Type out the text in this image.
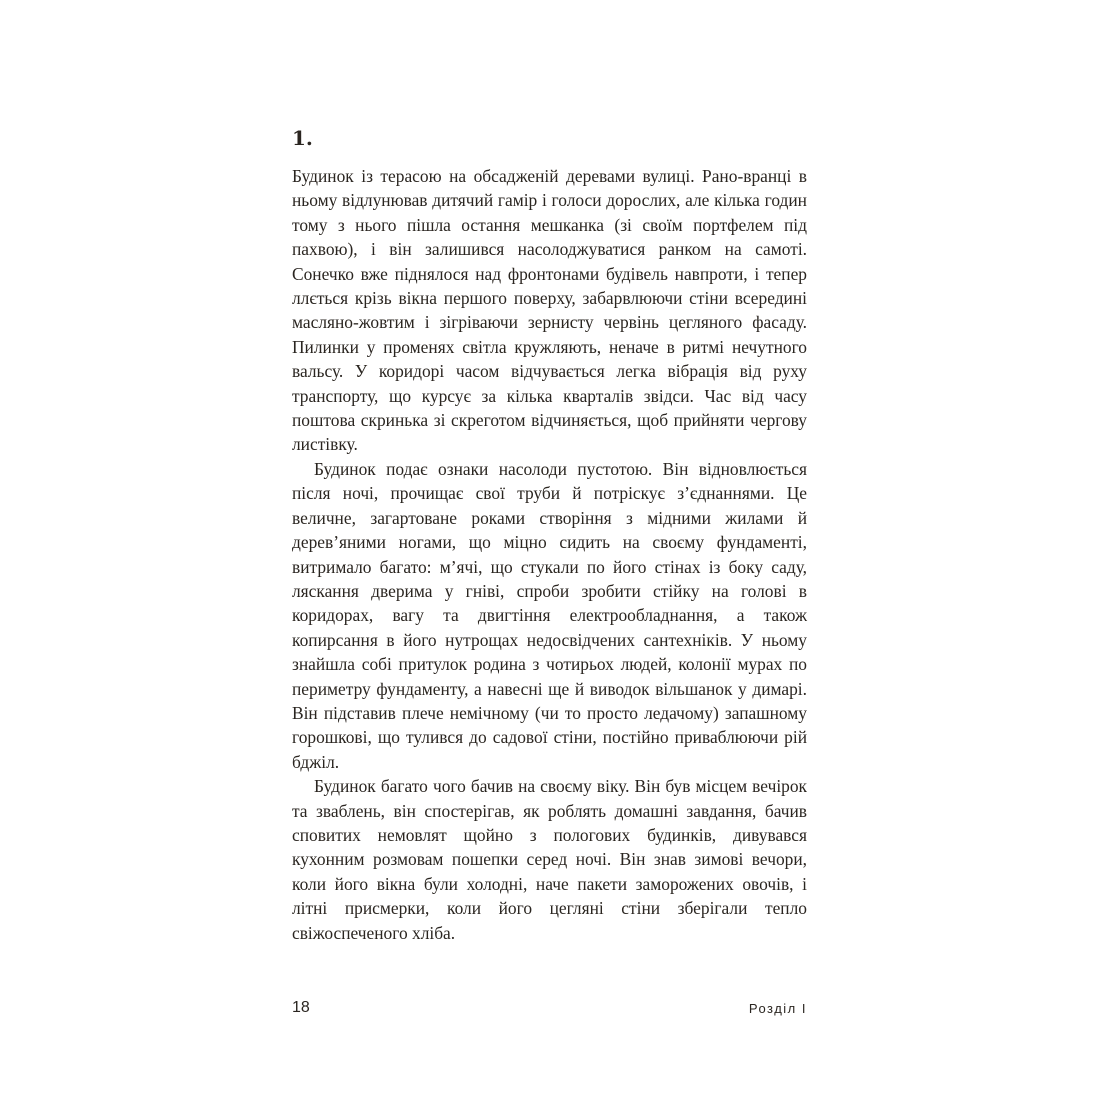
1.

Будинок із терасою на обсадженій деревами вулиці. Рано-вранці в ньому відлунював дитячий гамір і голоси дорослих, але кілька годин тому з нього пішла остання мешканка (зі своїм портфелем під пахвою), і він залишився насолоджуватися ранком на самоті. Сонечко вже піднялося над фронтонами будівель навпроти, і тепер ллється крізь вікна першого поверху, забарвлюючи стіни всередині масляно-жовтим і зігріваючи зернисту червінь цегляного фасаду. Пилинки у променях світла кружляють, неначе в ритмі нечутного вальсу. У коридорі часом відчувається легка вібрація від руху транспорту, що курсує за кілька кварталів звідси. Час від часу поштова скринька зі скреготом відчиняється, щоб прийняти чергову листівку.

Будинок подає ознаки насолоди пустотою. Він відновлюється після ночі, прочищає свої труби й потріскує з’єднаннями. Це величне, загартоване роками створіння з мідними жилами й дерев’яними ногами, що міцно сидить на своєму фундаменті, витримало багато: м’ячі, що стукали по його стінах із боку саду, ляскання дверима у гніві, спроби зробити стійку на голові в коридорах, вагу та двигтіння електрообладнання, а також копирсання в його нутрощах недосвідчених сантехніків. У ньому знайшла собі притулок родина з чотирьох людей, колонії мурах по периметру фундаменту, а навесні ще й виводок вільшанок у димарі. Він підставив плече немічному (чи то просто ледачому) запашному горошкові, що тулився до садової стіни, постійно приваблюючи рій бджіл.

Будинок багато чого бачив на своєму віку. Він був місцем вечірок та зваблень, він спостерігав, як роблять домашні завдання, бачив сповитих немовлят щойно з пологових будинків, дивувався кухонним розмовам пошепки серед ночі. Він знав зимові вечори, коли його вікна були холодні, наче пакети заморожених овочів, і літні присмерки, коли його цегляні стіни зберігали тепло свіжоспеченого хліба.

18	Розділ I
